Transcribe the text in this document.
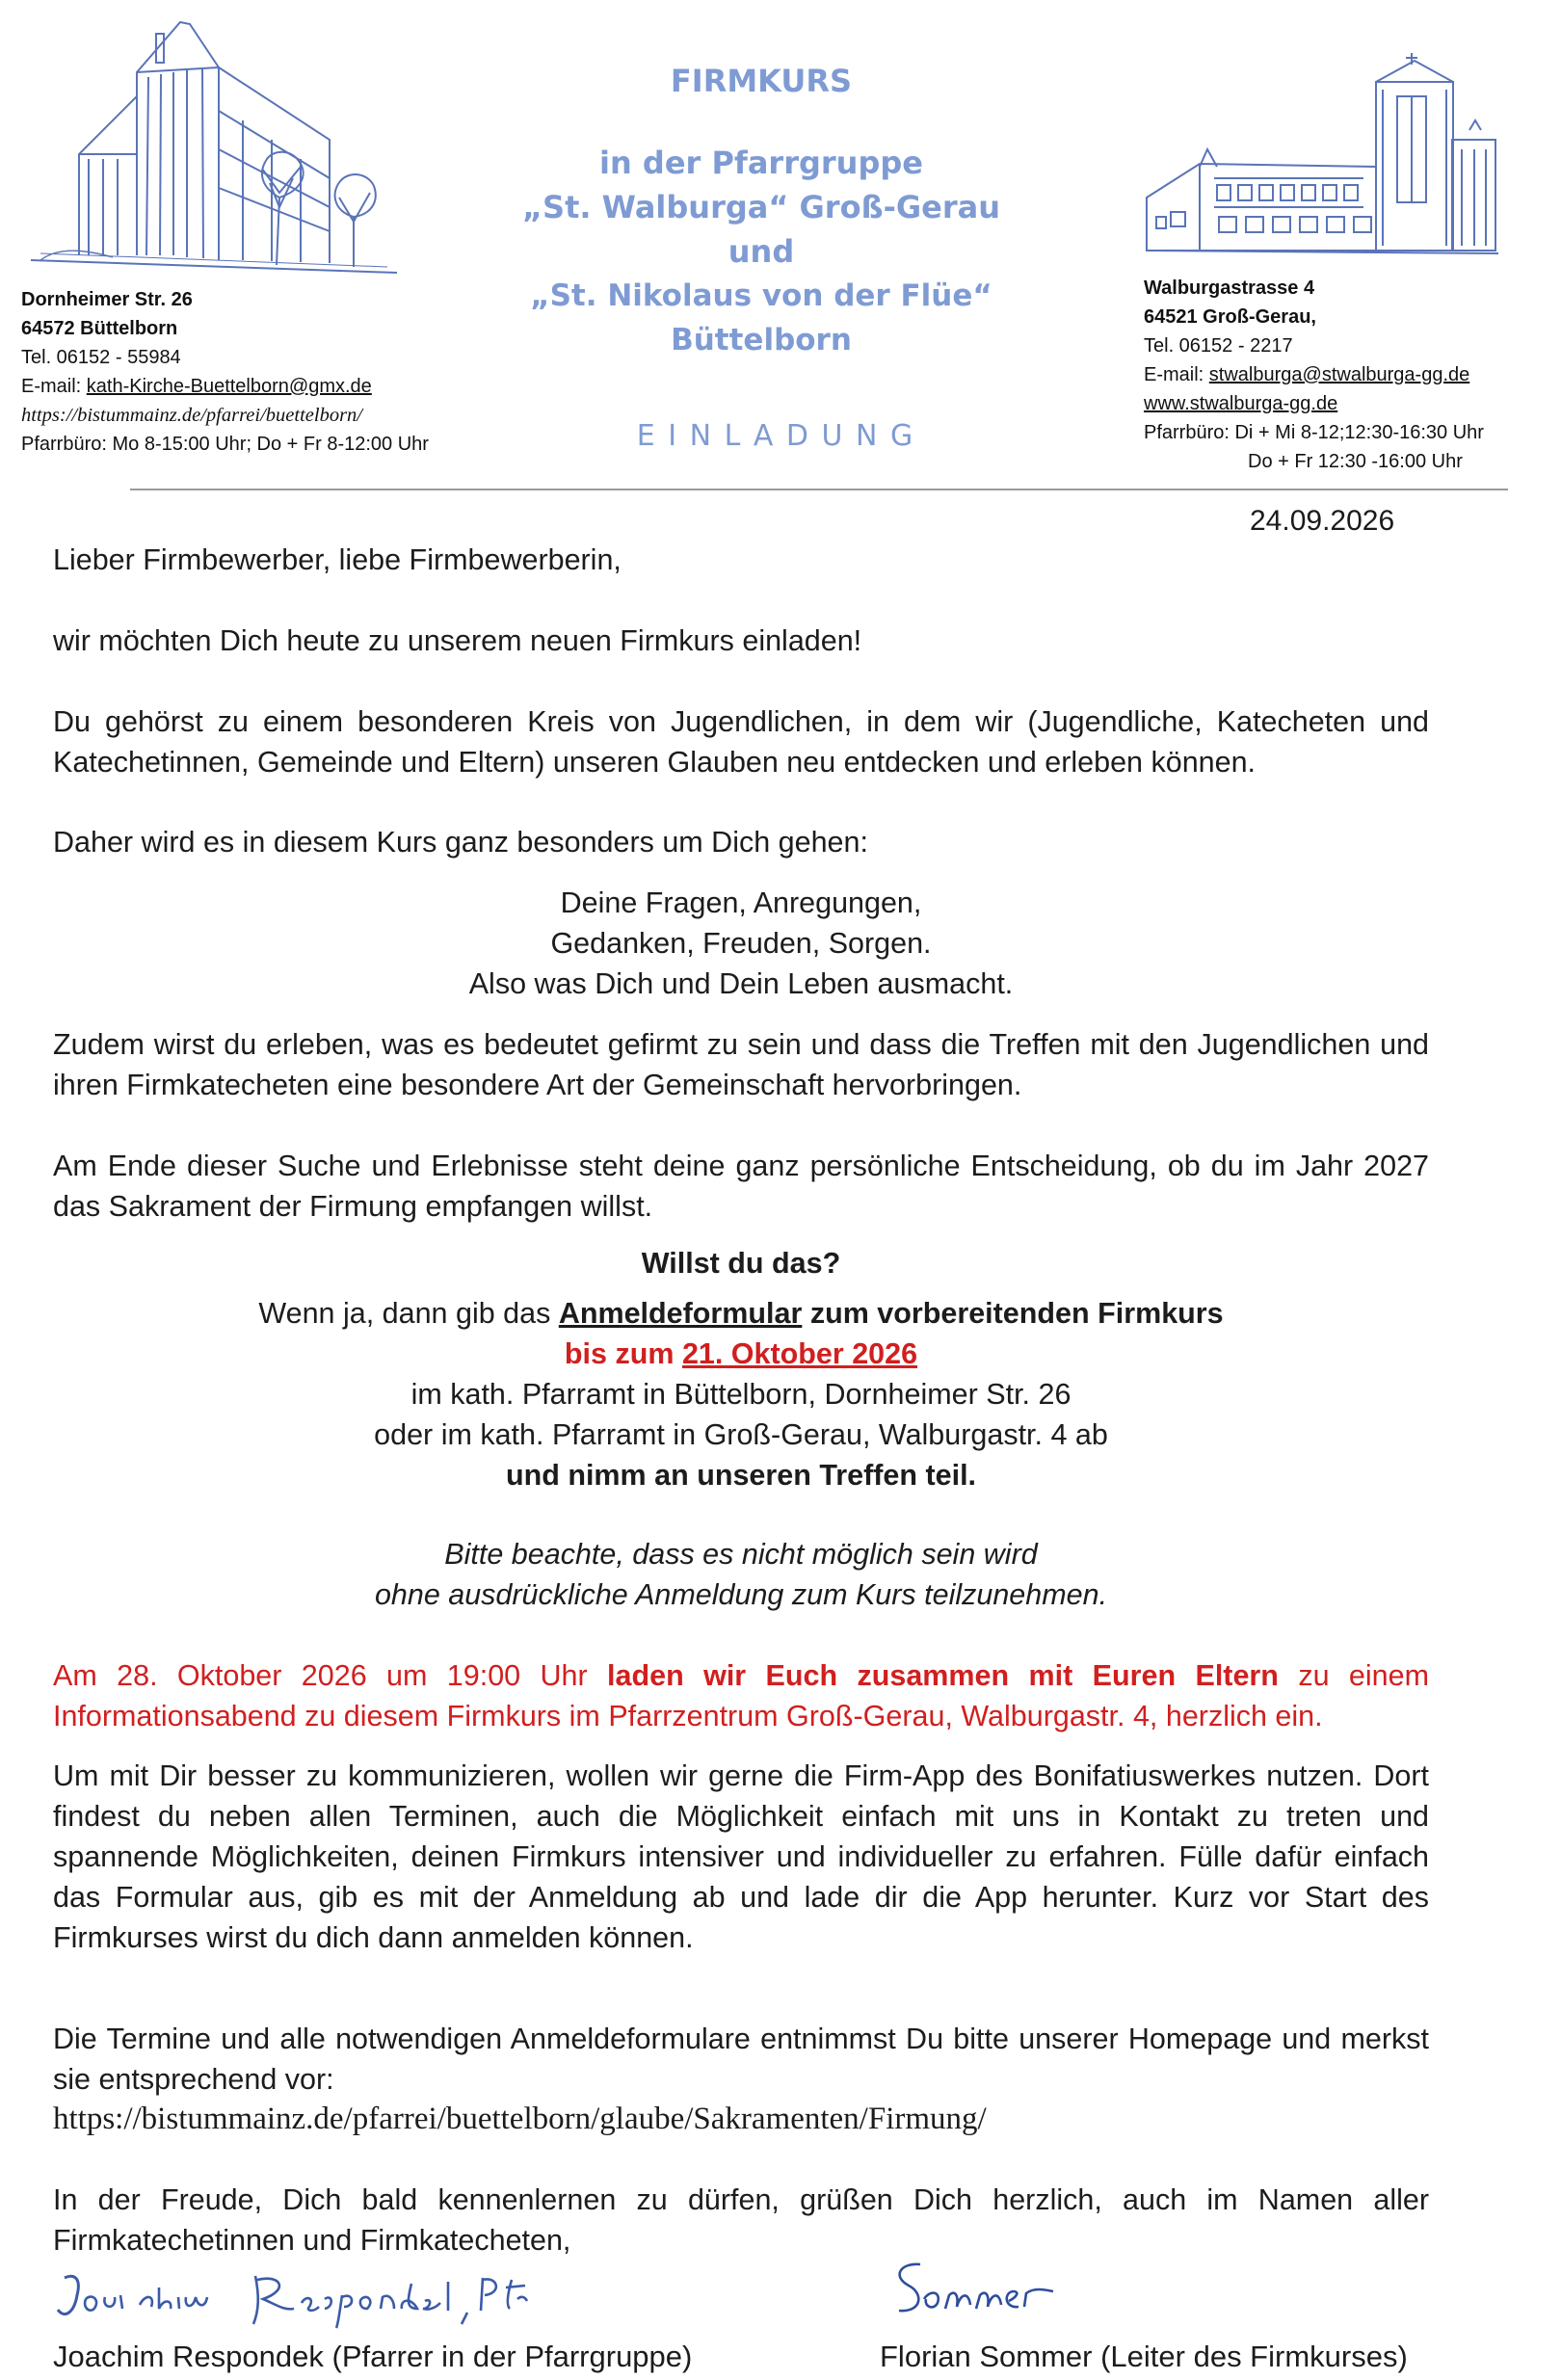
Dornheimer Str. 26
64572 Büttelborn
Tel. 06152 - 55984
E-mail: kath-Kirche-Buettelborn@gmx.de
https://bistummainz.de/pfarrei/buettelborn/
Pfarrbüro: Mo 8-15:00 Uhr; Do + Fr 8-12:00 Uhr
FIRMKURS
in der Pfarrgruppe
„St. Walburga“ Groß-Gerau
und
„St. Nikolaus von der Flüe“ Büttelborn
E I N L A D U N G
Walburgastrasse 4
64521 Groß-Gerau,
Tel. 06152 - 2217
E-mail: stwalburga@stwalburga-gg.de
www.stwalburga-gg.de
Pfarrbüro: Di + Mi 8-12;12:30-16:30 Uhr
Do + Fr 12:30 -16:00 Uhr
24.09.2026

Lieber Firmbewerber, liebe Firmbewerberin,

wir möchten Dich heute zu unserem neuen Firmkurs einladen!

Du gehörst zu einem besonderen Kreis von Jugendlichen, in dem wir (Jugendliche, Katecheten und Katechetinnen, Gemeinde und Eltern) unseren Glauben neu entdecken und erleben können.

Daher wird es in diesem Kurs ganz besonders um Dich gehen:

Deine Fragen, Anregungen,
Gedanken, Freuden, Sorgen.
Also was Dich und Dein Leben ausmacht.

Zudem wirst du erleben, was es bedeutet gefirmt zu sein und dass die Treffen mit den Jugendlichen und ihren Firmkatecheten eine besondere Art der Gemeinschaft hervorbringen.

Am Ende dieser Suche und Erlebnisse steht deine ganz persönliche Entscheidung, ob du im Jahr 2027 das Sakrament der Firmung empfangen willst.

Willst du das?
Wenn ja, dann gib das Anmeldeformular zum vorbereitenden Firmkurs
bis zum 21. Oktober 2026
im kath. Pfarramt in Büttelborn, Dornheimer Str. 26
oder im kath. Pfarramt in Groß-Gerau, Walburgastr. 4 ab
und nimm an unseren Treffen teil.
Bitte beachte, dass es nicht möglich sein wird
ohne ausdrückliche Anmeldung zum Kurs teilzunehmen.

Am 28. Oktober 2026 um 19:00 Uhr laden wir Euch zusammen mit Euren Eltern zu einem Informationsabend zu diesem Firmkurs im Pfarrzentrum Groß-Gerau, Walburgastr. 4, herzlich ein.

Um mit Dir besser zu kommunizieren, wollen wir gerne die Firm-App des Bonifatiuswerkes nutzen. Dort findest du neben allen Terminen, auch die Möglichkeit einfach mit uns in Kontakt zu treten und spannende Möglichkeiten, deinen Firmkurs intensiver und individueller zu erfahren. Fülle dafür einfach das Formular aus, gib es mit der Anmeldung ab und lade dir die App herunter. Kurz vor Start des Firmkurses wirst du dich dann anmelden können.

Die Termine und alle notwendigen Anmeldeformulare entnimmst Du bitte unserer Homepage und merkst sie entsprechend vor:

https://bistummainz.de/pfarrei/buettelborn/glaube/Sakramenten/Firmung/

In der Freude, Dich bald kennenlernen zu dürfen, grüßen Dich herzlich, auch im Namen aller Firmkatechetinnen und Firmkatecheten,

Joachim Respondek (Pfarrer in der Pfarrgruppe)	Florian Sommer (Leiter des Firmkurses)
